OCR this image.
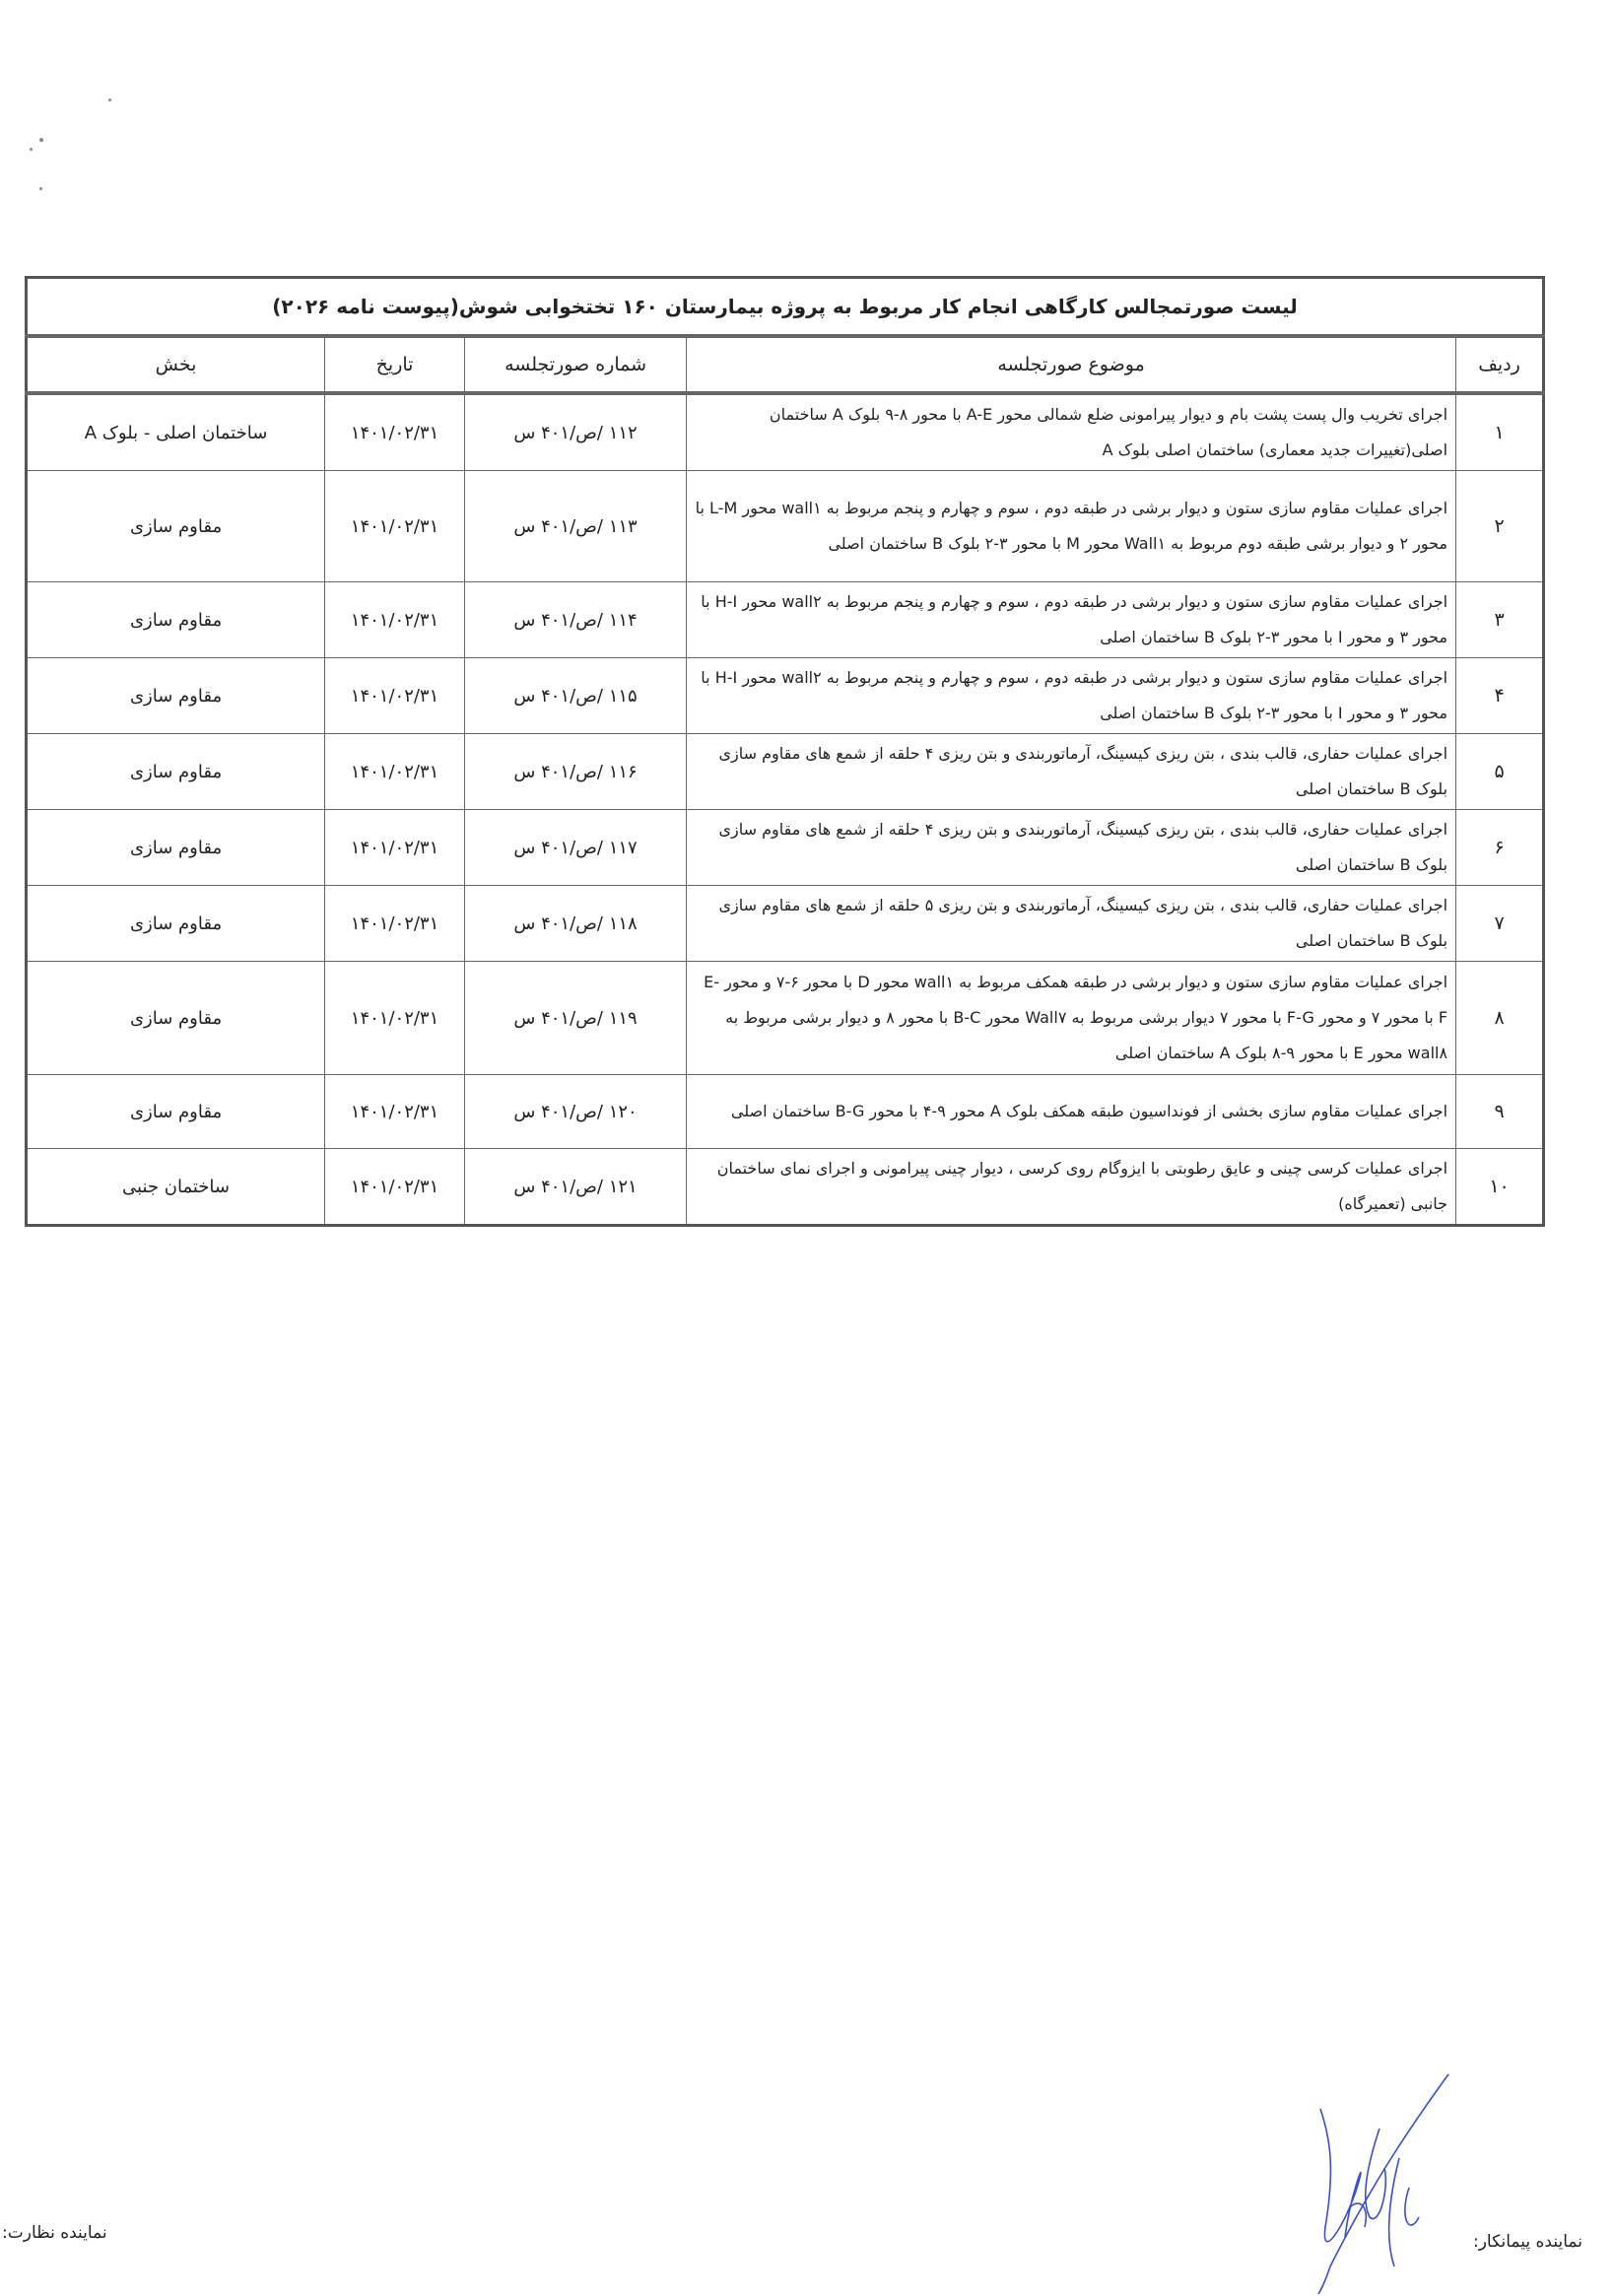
لیست صورتمجالس کارگاهی انجام کار مربوط به پروژه بیمارستان ۱۶۰ تختخوابی شوش(پیوست نامه ۲۰۲۶)				
ردیف	موضوع صورتجلسه	شماره صورتجلسه	تاریخ	بخش
۱	اجرای تخریب وال پست پشت بام و دیوار پیرامونی ضلع شمالی محور A-E با محور ۸-۹ بلوک A ساختمان اصلی(تغییرات جدید معماری) ساختمان اصلی بلوک A	۱۱۲ /ص/۴۰۱ س	۱۴۰۱/۰۲/۳۱	ساختمان اصلی - بلوک A
۲	اجرای عملیات مقاوم سازی ستون و دیوار برشی در طبقه دوم ، سوم و چهارم و پنجم مربوط به wall۱ محور L-M با محور ۲ و دیوار برشی طبقه دوم مربوط به Wall۱ محور M با محور ۳-۲ بلوک B ساختمان اصلی	۱۱۳ /ص/۴۰۱ س	۱۴۰۱/۰۲/۳۱	مقاوم سازی
۳	اجرای عملیات مقاوم سازی ستون و دیوار برشی در طبقه دوم ، سوم و چهارم و پنجم مربوط به wall۲ محور H-I با محور ۳ و محور I با محور ۳-۲ بلوک B ساختمان اصلی	۱۱۴ /ص/۴۰۱ س	۱۴۰۱/۰۲/۳۱	مقاوم سازی
۴	اجرای عملیات مقاوم سازی ستون و دیوار برشی در طبقه دوم ، سوم و چهارم و پنجم مربوط به wall۲ محور H-I با محور ۳ و محور I با محور ۳-۲ بلوک B ساختمان اصلی	۱۱۵ /ص/۴۰۱ س	۱۴۰۱/۰۲/۳۱	مقاوم سازی
۵	اجرای عملیات حفاری، قالب بندی ، بتن ریزی کیسینگ، آرماتوربندی و بتن ریزی ۴ حلقه از شمع های مقاوم سازی بلوک B ساختمان اصلی	۱۱۶ /ص/۴۰۱ س	۱۴۰۱/۰۲/۳۱	مقاوم سازی
۶	اجرای عملیات حفاری، قالب بندی ، بتن ریزی کیسینگ، آرماتوربندی و بتن ریزی ۴ حلقه از شمع های مقاوم سازی بلوک B ساختمان اصلی	۱۱۷ /ص/۴۰۱ س	۱۴۰۱/۰۲/۳۱	مقاوم سازی
۷	اجرای عملیات حفاری، قالب بندی ، بتن ریزی کیسینگ، آرماتوربندی و بتن ریزی ۵ حلقه از شمع های مقاوم سازی بلوک B ساختمان اصلی	۱۱۸ /ص/۴۰۱ س	۱۴۰۱/۰۲/۳۱	مقاوم سازی
۸	اجرای عملیات مقاوم سازی ستون و دیوار برشی در طبقه همکف مربوط به wall۱ محور D با محور ۶-۷ و محور E-F با محور ۷ و محور F-G با محور ۷ دیوار برشی مربوط به Wall۷ محور B-C با محور ۸ و دیوار برشی مربوط به wall۸ محور E با محور ۹-۸ بلوک A ساختمان اصلی	۱۱۹ /ص/۴۰۱ س	۱۴۰۱/۰۲/۳۱	مقاوم سازی
۹	اجرای عملیات مقاوم سازی بخشی از فونداسیون طبقه همکف بلوک A محور ۹-۴ با محور B-G ساختمان اصلی	۱۲۰ /ص/۴۰۱ س	۱۴۰۱/۰۲/۳۱	مقاوم سازی
۱۰	اجرای عملیات کرسی چینی و عایق رطوبتی با ایزوگام روی کرسی ، دیوار چینی پیرامونی و اجرای نمای ساختمان جانبی (تعمیرگاه)	۱۲۱ /ص/۴۰۱ س	۱۴۰۱/۰۲/۳۱	ساختمان جنبی
نماینده پیمانکار:
نماینده نظارت:
